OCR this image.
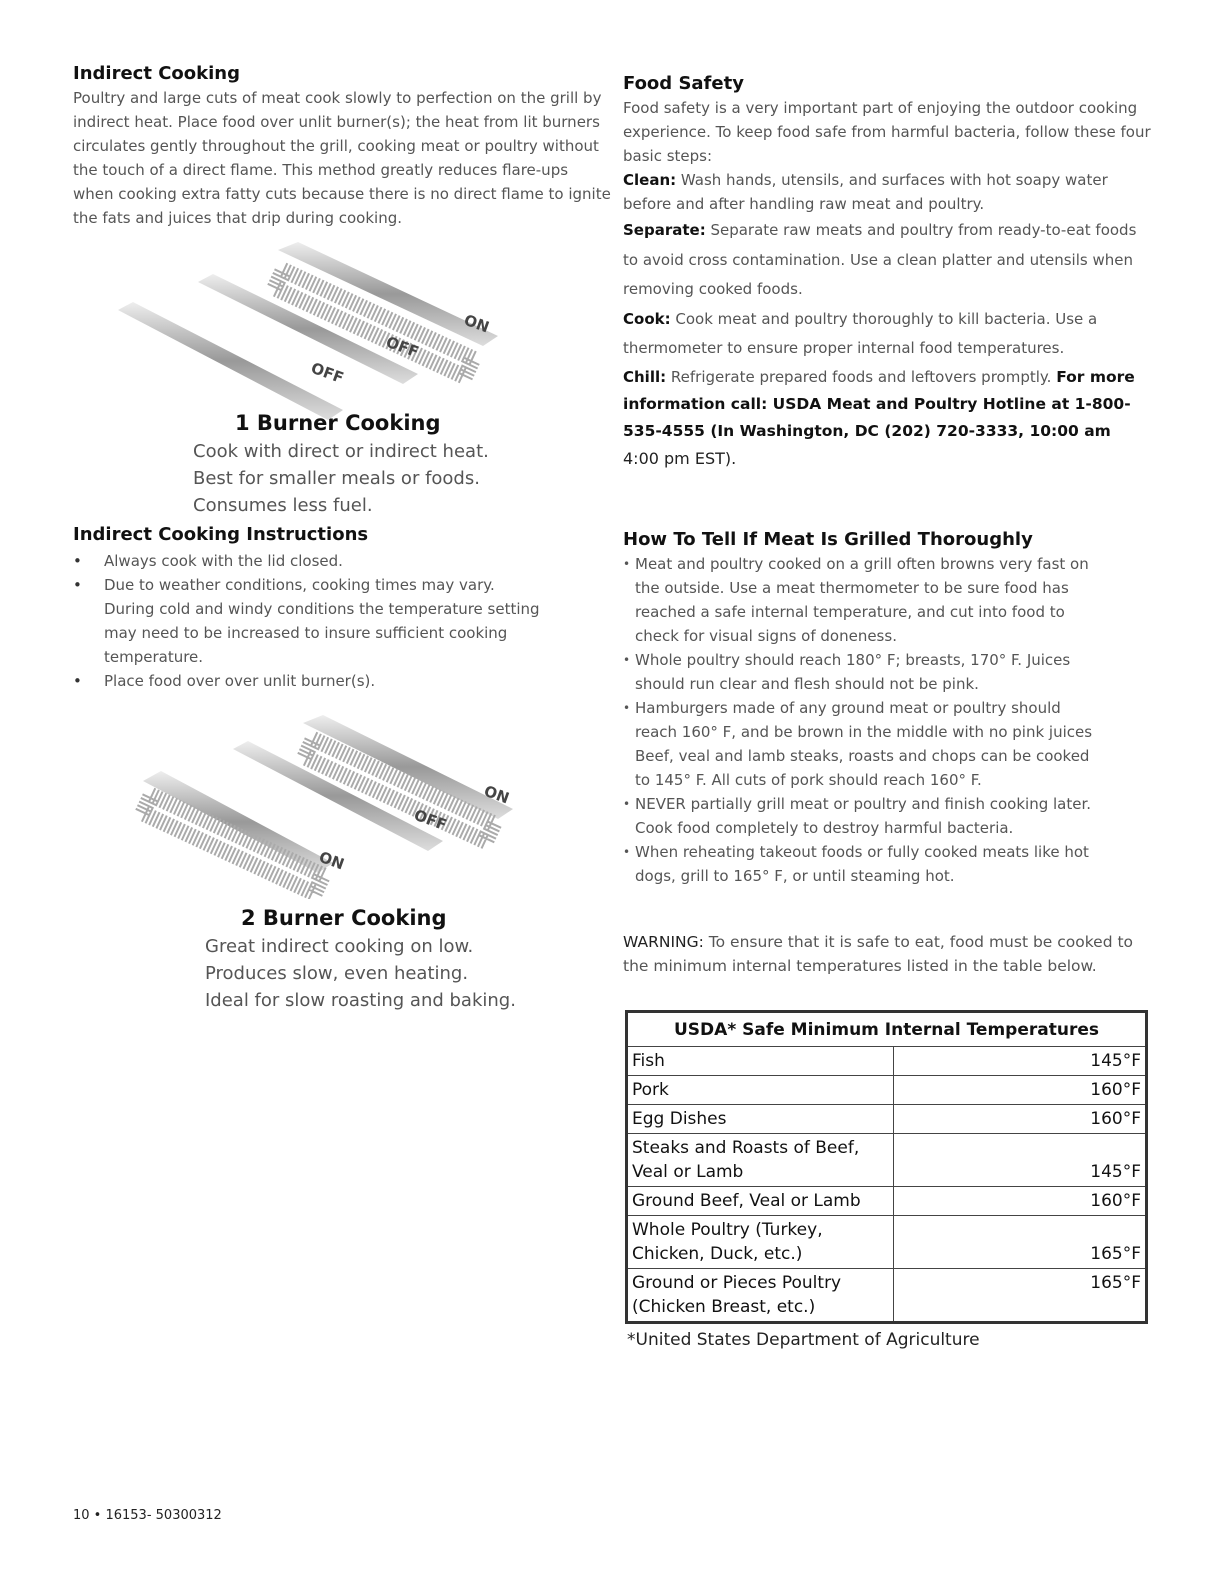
Indirect Cooking

Poultry and large cuts of meat cook slowly to perfection on the grill by indirect heat. Place food over unlit burner(s); the heat from lit burners circulates gently throughout the grill, cooking meat or poultry without the touch of a direct flame. This method greatly reduces flare-ups when cooking extra fatty cuts because there is no direct flame to ignite the fats and juices that drip during cooking.

ON
OFF
OFF
1 Burner Cooking
Cook with direct or indirect heat.
Best for smaller meals or foods.
Consumes less fuel.
Indirect Cooking Instructions
• Always cook with the lid closed.
• Due to weather conditions, cooking times may vary. During cold and windy conditions the temperature setting may need to be increased to insure sufficient cooking temperature.
• Place food over over unlit burner(s).
ON
OFF
ON
2 Burner Cooking
Great indirect cooking on low.
Produces slow, even heating.
Ideal for slow roasting and baking.
Food Safety

Food safety is a very important part of enjoying the outdoor cooking experience. To keep food safe from harmful bacteria, follow these four basic steps:

Clean: Wash hands, utensils, and surfaces with hot soapy water before and after handling raw meat and poultry.

Separate: Separate raw meats and poultry from ready-to-eat foods to avoid cross contamination. Use a clean platter and utensils when removing cooked foods.

Cook: Cook meat and poultry thoroughly to kill bacteria. Use a thermometer to ensure proper internal food temperatures.

Chill: Refrigerate prepared foods and leftovers promptly. For more information call: USDA Meat and Poultry Hotline at 1-800-535-4555 (In Washington, DC (202) 720-3333, 10:00 am

4:00 pm EST).

How To Tell If Meat Is Grilled Thoroughly
• Meat and poultry cooked on a grill often browns very fast on the outside. Use a meat thermometer to be sure food has reached a safe internal temperature, and cut into food to check for visual signs of doneness.
• Whole poultry should reach 180° F; breasts, 170° F. Juices should run clear and flesh should not be pink.
• Hamburgers made of any ground meat or poultry should reach 160° F, and be brown in the middle with no pink juices Beef, veal and lamb steaks, roasts and chops can be cooked to 145° F. All cuts of pork should reach 160° F.
• NEVER partially grill meat or poultry and finish cooking later. Cook food completely to destroy harmful bacteria.
• When reheating takeout foods or fully cooked meats like hot dogs, grill to 165° F, or until steaming hot.

WARNING: To ensure that it is safe to eat, food must be cooked to the minimum internal temperatures listed in the table below.

USDA* Safe Minimum Internal Temperatures	
Fish	145°F
Pork	160°F
Egg Dishes	160°F

Steaks and Roasts of Beef,
Veal or Lamb	145°F
Ground Beef, Veal or Lamb	160°F

Whole Poultry (Turkey,
Chicken, Duck, etc.)	165°F

Ground or Pieces Poultry
(Chicken Breast, etc.)	165°F
*United States Department of Agriculture
10 • 16153- 50300312
